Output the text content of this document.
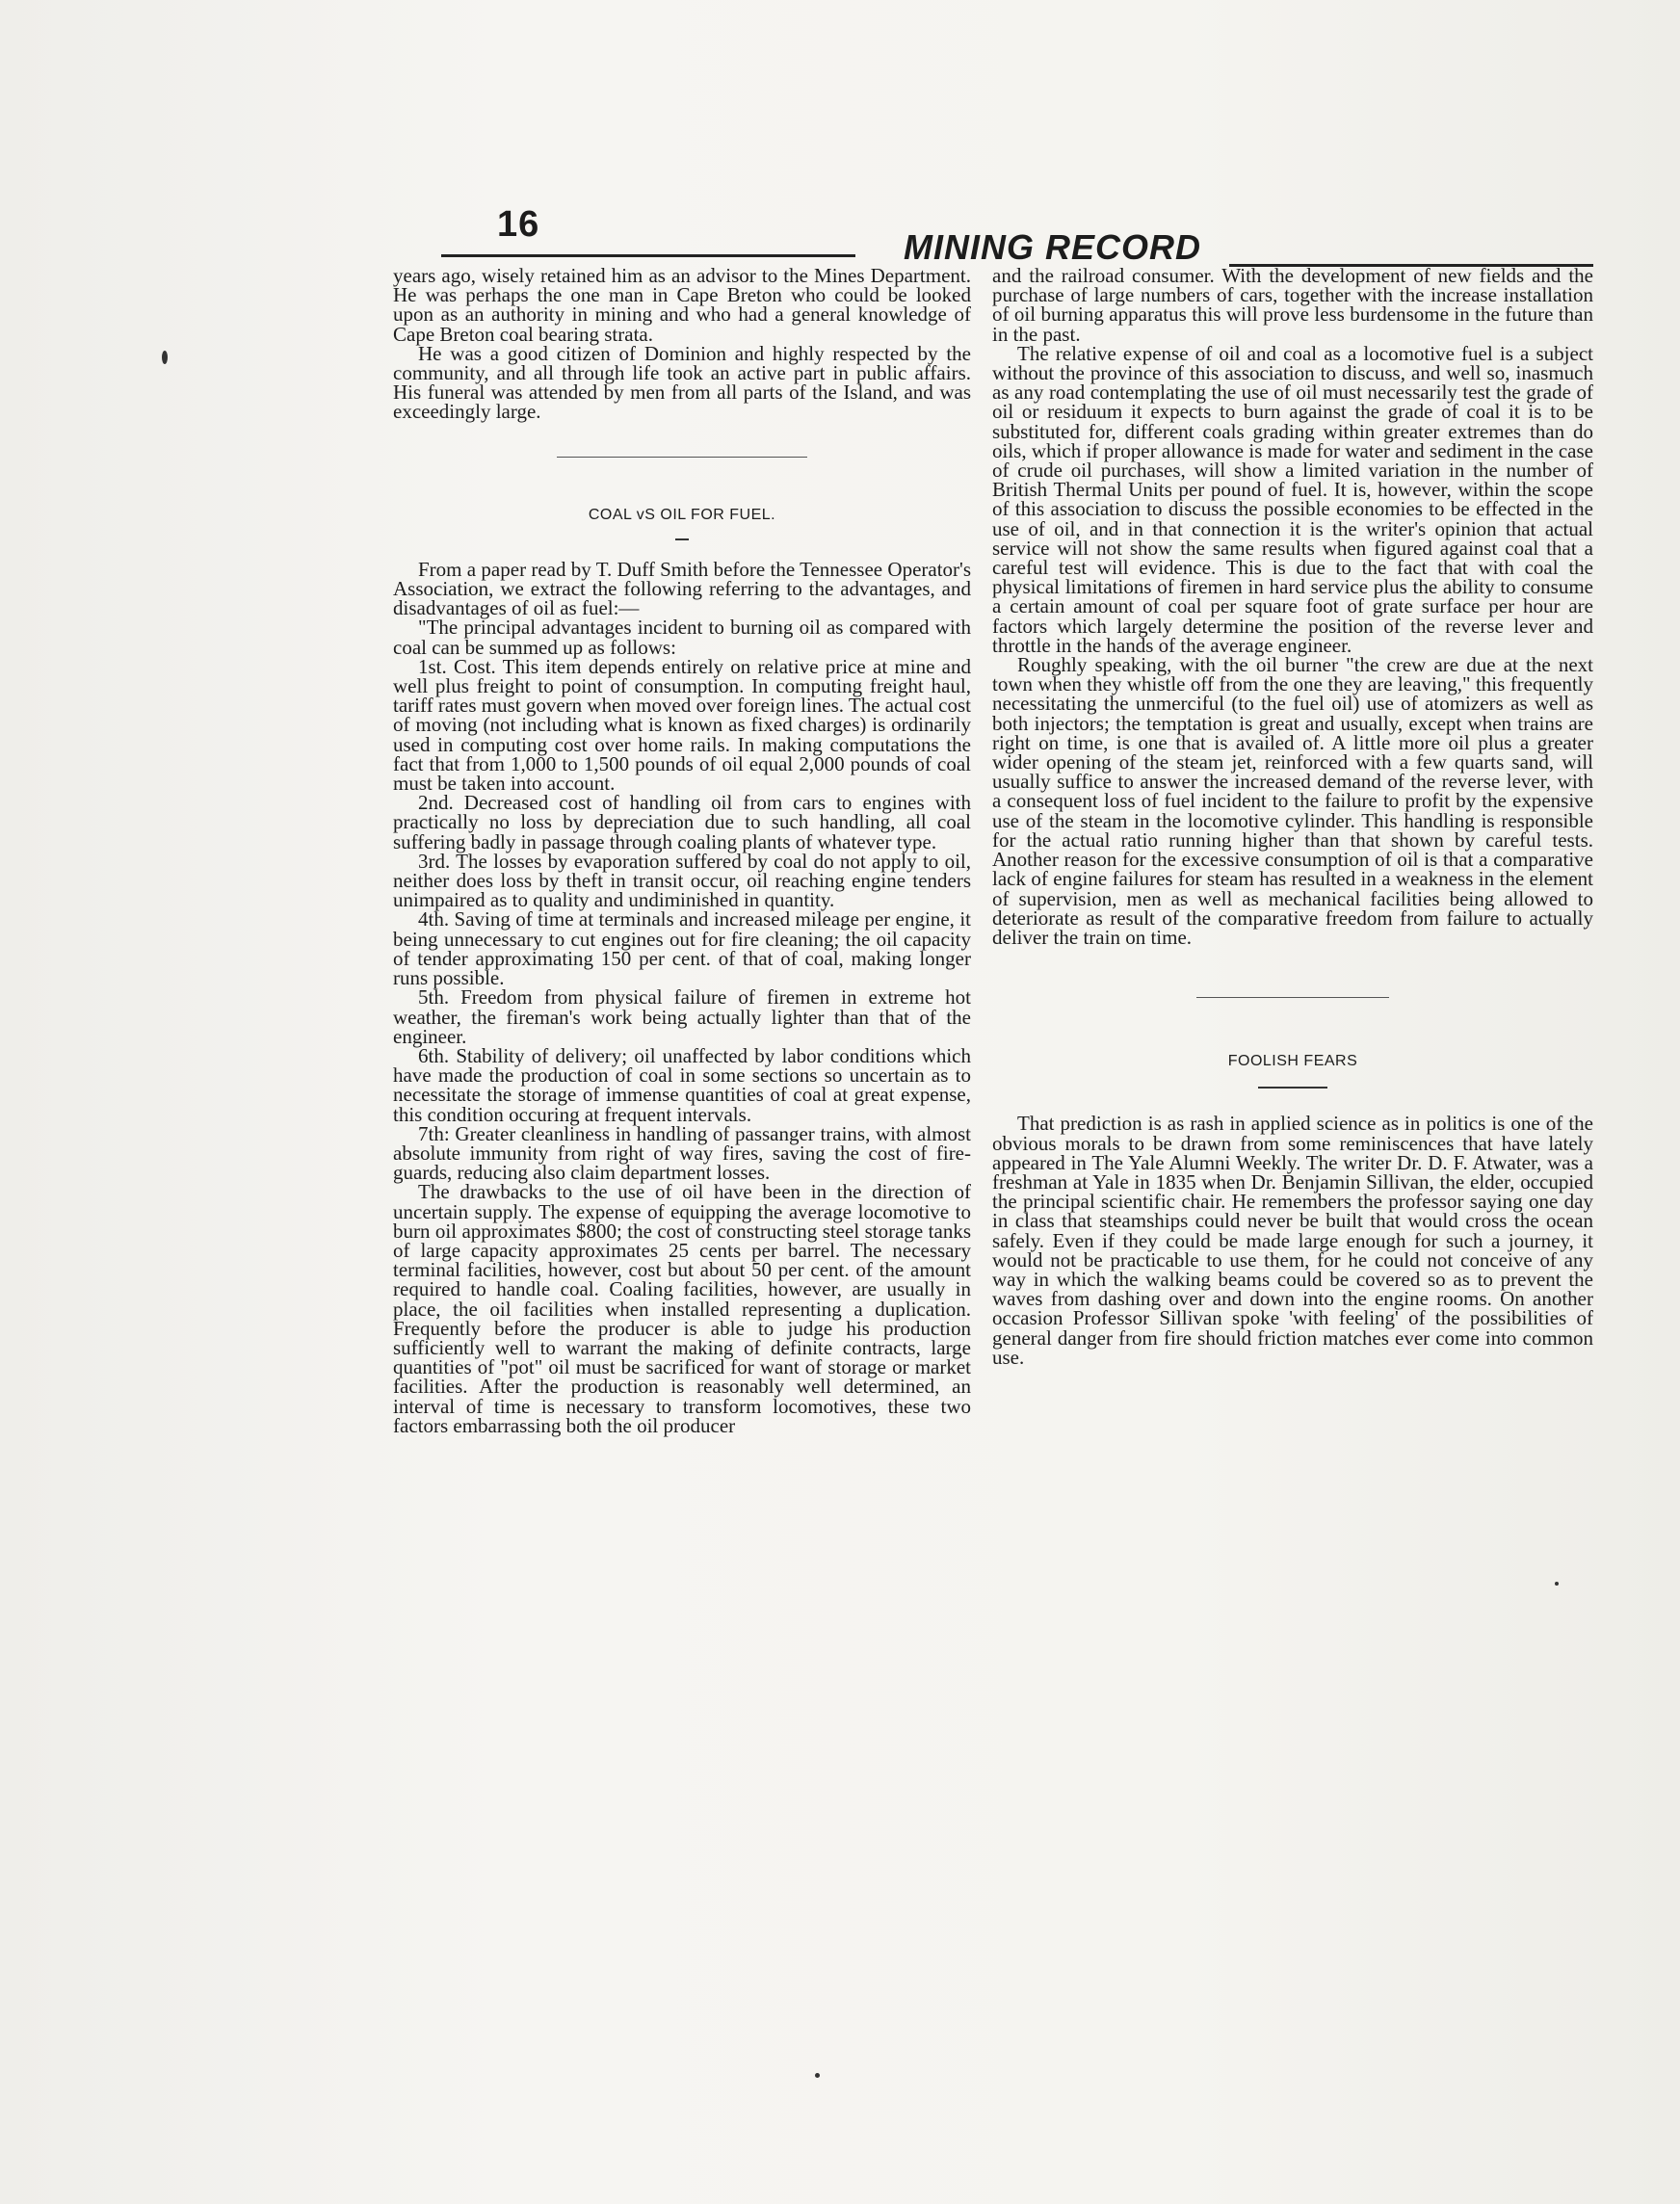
16
MINING RECORD

years ago, wisely retained him as an advisor to the Mines Department. He was perhaps the one man in Cape Breton who could be looked upon as an authority in mining and who had a general knowledge of Cape Breton coal bearing strata.

He was a good citizen of Dominion and highly respected by the community, and all through life took an active part in public affairs. His funeral was attended by men from all parts of the Island, and was exceedingly large.

COAL vS OIL FOR FUEL.

From a paper read by T. Duff Smith before the Tennessee Operator's Association, we extract the following referring to the advantages, and disadvantages of oil as fuel:—

"The principal advantages incident to burning oil as compared with coal can be summed up as follows:

1st. Cost. This item depends entirely on relative price at mine and well plus freight to point of consumption. In computing freight haul, tariff rates must govern when moved over foreign lines. The actual cost of moving (not including what is known as fixed charges) is ordinarily used in computing cost over home rails. In making computations the fact that from 1,000 to 1,500 pounds of oil equal 2,000 pounds of coal must be taken into account.

2nd. Decreased cost of handling oil from cars to engines with practically no loss by depreciation due to such handling, all coal suffering badly in passage through coaling plants of whatever type.

3rd. The losses by evaporation suffered by coal do not apply to oil, neither does loss by theft in transit occur, oil reaching engine tenders unimpaired as to quality and undiminished in quantity.

4th. Saving of time at terminals and increased mileage per engine, it being unnecessary to cut engines out for fire cleaning; the oil capacity of tender approximating 150 per cent. of that of coal, making longer runs possible.

5th. Freedom from physical failure of firemen in extreme hot weather, the fireman's work being actually lighter than that of the engineer.

6th. Stability of delivery; oil unaffected by labor conditions which have made the production of coal in some sections so uncertain as to necessitate the storage of immense quantities of coal at great expense, this condition occuring at frequent intervals.

7th: Greater cleanliness in handling of passanger trains, with almost absolute immunity from right of way fires, saving the cost of fire-guards, reducing also claim department losses.

The drawbacks to the use of oil have been in the direction of uncertain supply. The expense of equipping the average locomotive to burn oil approximates $800; the cost of constructing steel storage tanks of large capacity approximates 25 cents per barrel. The necessary terminal facilities, however, cost but about 50 per cent. of the amount required to handle coal. Coaling facilities, however, are usually in place, the oil facilities when installed representing a duplication. Frequently before the producer is able to judge his production sufficiently well to warrant the making of definite contracts, large quantities of "pot" oil must be sacrificed for want of storage or market facilities. After the production is reasonably well determined, an interval of time is necessary to transform locomotives, these two factors embarrassing both the oil producer

and the railroad consumer. With the development of new fields and the purchase of large numbers of cars, together with the increase installation of oil burning apparatus this will prove less burdensome in the future than in the past.

The relative expense of oil and coal as a locomotive fuel is a subject without the province of this association to discuss, and well so, inasmuch as any road contemplating the use of oil must necessarily test the grade of oil or residuum it expects to burn against the grade of coal it is to be substituted for, different coals grading within greater extremes than do oils, which if proper allowance is made for water and sediment in the case of crude oil purchases, will show a limited variation in the number of British Thermal Units per pound of fuel. It is, however, within the scope of this association to discuss the possible economies to be effected in the use of oil, and in that connection it is the writer's opinion that actual service will not show the same results when figured against coal that a careful test will evidence. This is due to the fact that with coal the physical limitations of firemen in hard service plus the ability to consume a certain amount of coal per square foot of grate surface per hour are factors which largely determine the position of the reverse lever and throttle in the hands of the average engineer.

Roughly speaking, with the oil burner "the crew are due at the next town when they whistle off from the one they are leaving," this frequently necessitating the unmerciful (to the fuel oil) use of atomizers as well as both injectors; the temptation is great and usually, except when trains are right on time, is one that is availed of. A little more oil plus a greater wider opening of the steam jet, reinforced with a few quarts sand, will usually suffice to answer the increased demand of the reverse lever, with a consequent loss of fuel incident to the failure to profit by the expensive use of the steam in the locomotive cylinder. This handling is responsible for the actual ratio running higher than that shown by careful tests. Another reason for the excessive consumption of oil is that a comparative lack of engine failures for steam has resulted in a weakness in the element of supervision, men as well as mechanical facilities being allowed to deteriorate as result of the comparative freedom from failure to actually deliver the train on time.

FOOLISH FEARS

That prediction is as rash in applied science as in politics is one of the obvious morals to be drawn from some reminiscences that have lately appeared in The Yale Alumni Weekly. The writer Dr. D. F. Atwater, was a freshman at Yale in 1835 when Dr. Benjamin Sillivan, the elder, occupied the principal scientific chair. He remembers the professor saying one day in class that steamships could never be built that would cross the ocean safely. Even if they could be made large enough for such a journey, it would not be practicable to use them, for he could not conceive of any way in which the walking beams could be covered so as to prevent the waves from dashing over and down into the engine rooms. On another occasion Professor Sillivan spoke 'with feeling' of the possibilities of general danger from fire should friction matches ever come into common use.
